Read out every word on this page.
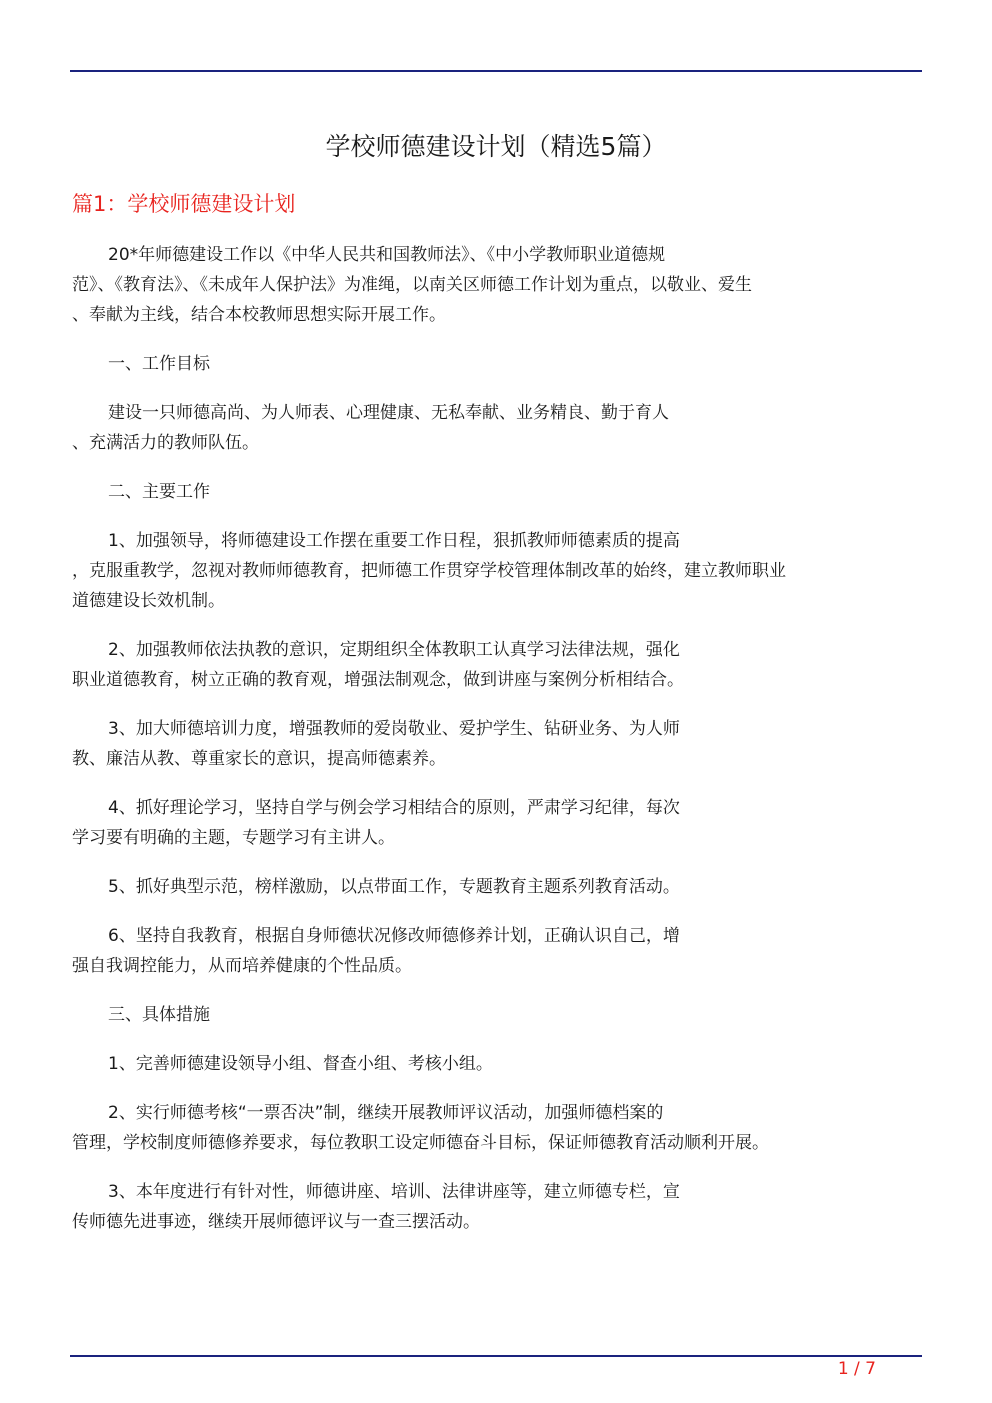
学校师德建设计划（精选5篇）
篇1：学校师德建设计划
20*年师德建设工作以《中华人民共和国教师法》、《中小学教师职业道德规
范》、《教育法》、《未成年人保护法》为准绳，以南关区师德工作计划为重点，以敬业、爱生
、奉献为主线，结合本校教师思想实际开展工作。
一、工作目标
建设一只师德高尚、为人师表、心理健康、无私奉献、业务精良、勤于育人
、充满活力的教师队伍。
二、主要工作
1、加强领导，将师德建设工作摆在重要工作日程，狠抓教师师德素质的提高
，克服重教学，忽视对教师师德教育，把师德工作贯穿学校管理体制改革的始终，建立教师职业
道德建设长效机制。
2、加强教师依法执教的意识，定期组织全体教职工认真学习法律法规，强化
职业道德教育，树立正确的教育观，增强法制观念，做到讲座与案例分析相结合。
3、加大师德培训力度，增强教师的爱岗敬业、爱护学生、钻研业务、为人师
教、廉洁从教、尊重家长的意识，提高师德素养。
4、抓好理论学习，坚持自学与例会学习相结合的原则，严肃学习纪律，每次
学习要有明确的主题，专题学习有主讲人。
5、抓好典型示范，榜样激励，以点带面工作，专题教育主题系列教育活动。
6、坚持自我教育，根据自身师德状况修改师德修养计划，正确认识自己，增
强自我调控能力，从而培养健康的个性品质。
三、具体措施
1、完善师德建设领导小组、督查小组、考核小组。
2、实行师德考核“一票否决”制，继续开展教师评议活动，加强师德档案的
管理，学校制度师德修养要求，每位教职工设定师德奋斗目标，保证师德教育活动顺利开展。
3、本年度进行有针对性，师德讲座、培训、法律讲座等，建立师德专栏，宣
传师德先进事迹，继续开展师德评议与一查三摆活动。
1 / 7
